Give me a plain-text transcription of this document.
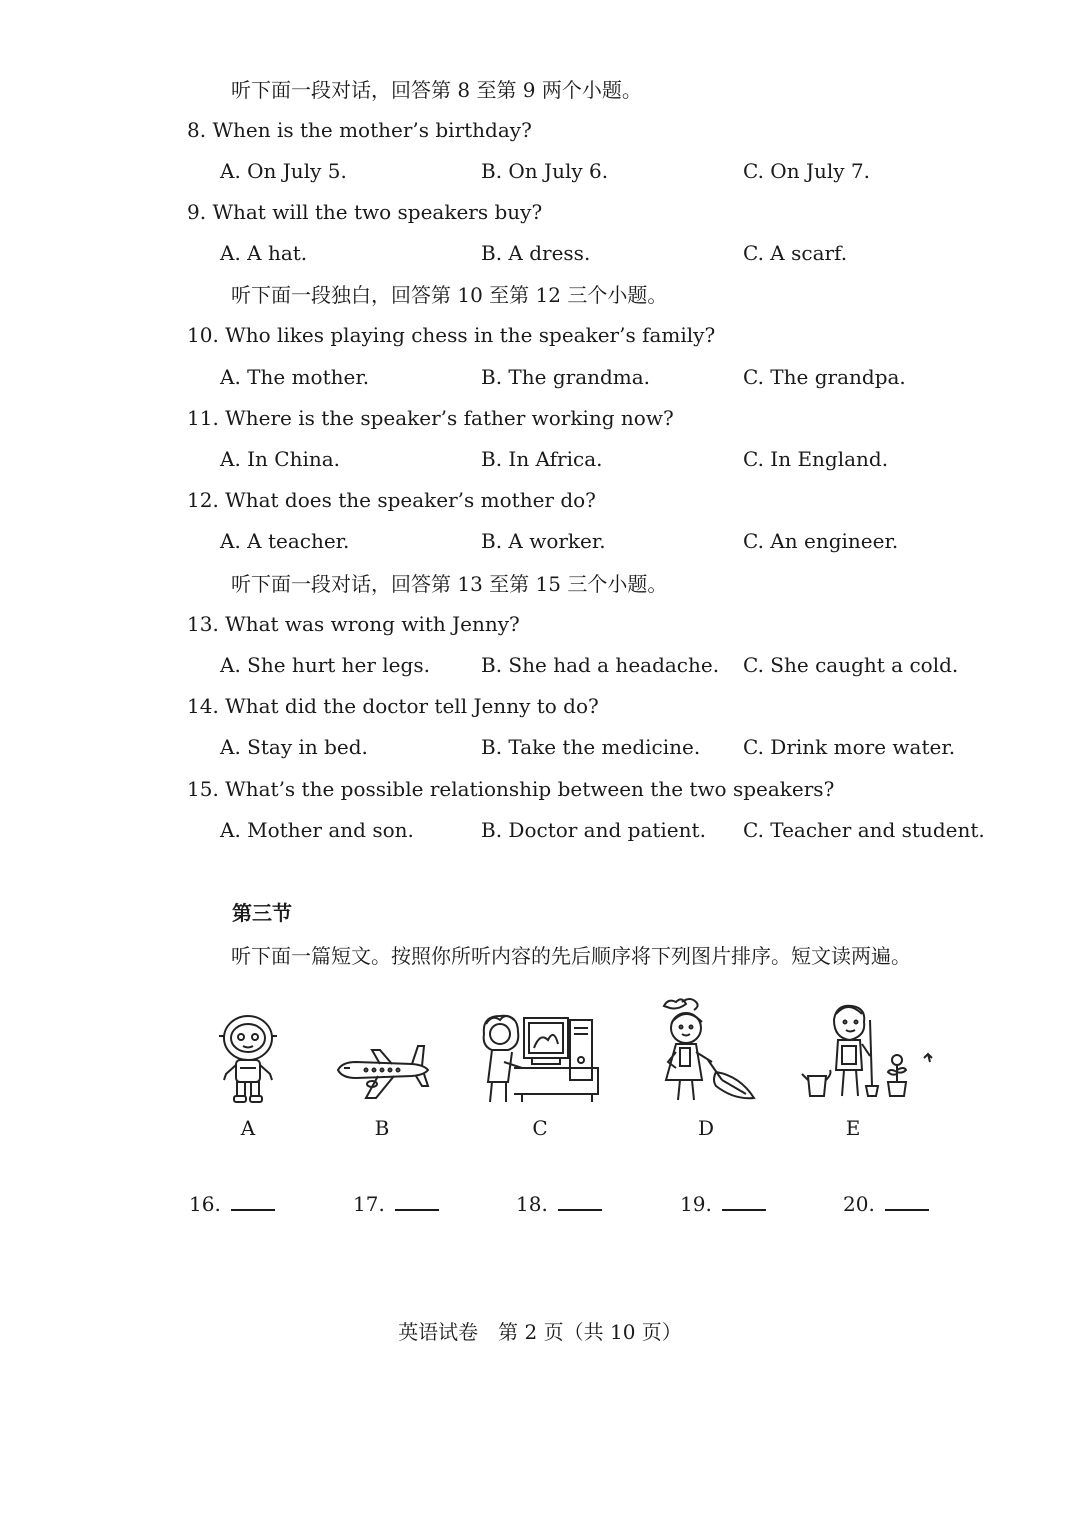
听下面一段对话，回答第 8 至第 9 两个小题。
8. When is the mother’s birthday?
A. On July 5.	B. On July 6.	C. On July 7.
9. What will the two speakers buy?
A. A hat.	B. A dress.	C. A scarf.
听下面一段独白，回答第 10 至第 12 三个小题。
10. Who likes playing chess in the speaker’s family?
A. The mother.	B. The grandma.	C. The grandpa.
11. Where is the speaker’s father working now?
A. In China.	B. In Africa.	C. In England.
12. What does the speaker’s mother do?
A. A teacher.	B. A worker.	C. An engineer.
听下面一段对话，回答第 13 至第 15 三个小题。
13. What was wrong with Jenny?
A. She hurt her legs.	B. She had a headache. C. She caught a cold.
14. What did the doctor tell Jenny to do?
A. Stay in bed.	B. Take the medicine. C. Drink more water.
15. What’s the possible relationship between the two speakers?
A. Mother and son.	B. Doctor and patient. C. Teacher and student.
第三节
听下面一篇短文。按照你所听内容的先后顺序将下列图片排序。短文读两遍。
A	B	C	D	E
16.	17.	18.	19.	20.
英语试卷　第 2 页（共 10 页）
